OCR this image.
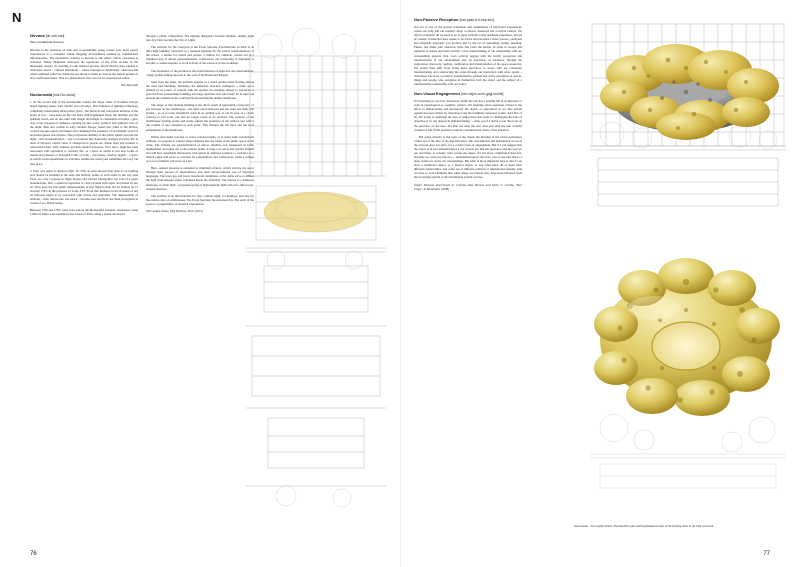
N
Nirvana [nir-vah-nuh]
(Non-Conflictual Arenas)

Nirvana is the sensation of time and re-sponsibility being erased, now most purely experienced as a consumer within shopping environments enabled by sophisticated infrastructures. The experience contrary to nirvana is one where critical awareness is activated. Walter Benjamin destroyed the operations of the Paris arcades in the nineteenth century by equating it with induced nirvana. David Harvey then equated it with these places – cultural institutions – where nostalgia is deliberately cultivated and where sanitised collective memories are meant to make us doze in the eternal present of non-conflictual arenas. This is a phenomenon that can now be experienced online.

Ben Reynolds
Nocturnalia [nok-t'ûr-nal-ia]

1. In the second half of the seventeenth century the major cities of Northern Europe began lighting streets with candles and oil lamps. This irruption of lighting technology completely transformed urban public space. The physical and conceptual universe of the hours of rest – associated on the one hand with fragmented sleep, the intimate and the spiritual world, and on the other with danger and illegal or clandestine activities – gave way to the conquest of darkness, opening up new social, political and symbolic uses of the night. Men and women in early modern Europe found new paths to the Divine, created baroque operas and theatre and challenged the existence of an invisible world of nocturnal ghosts and witches. This progressive shifting of the public sphere towards the night – this nocturnalisation – was a revolution that drastically changed everyday life in most of Europe's capital cities. It changed how people ate, drank, slept and worked; it restructured their daily routines and their mental universes. Ever since, night has been associated with opposition to ordinary life, as a space in which to test new forms of leisure and pleasure or abnormal forms of work – precarious, creative, urgent – a space in which social experiments or activities outside the norm (and sometimes the law) can take place.

2. Paris was quick to embrace light. In 1558, an edict decreed that resin or tar lighting pots should be installed at the ends and halfway points of each street in the city. And Paris, too, was a pioneer in flight. Robert and Charles Montgolfier, the sons of a paper manufacturer, flew a spherical apparatus of cloth covered with paper and driven by hot air. They gave the first public demonstration of free flight in their hot air balloon on 15 October 1783, in the presence of Louis XVI. From that moment on the flotation of hot air balloons began to be associated with events and festivities. The displacement of balloons – their release into free space – became pure spectacle, the main protagonist in events of an official nature.

Between 1769 and 1783, some years before the Montgolfier brothers' adventures, some 1,600 oil lamps were installed in the streets of Paris, using a patent developed

through a public competition. The lighting disrupted circadian rhythms, turning night into day. Paris became the City of Light.

The pavilion for the courtyard at the École Spéciale d'Architecture in Paris is an infra-light building conceived as a pleasure machine for the festive transformations of the school, a shelter for events and parties, a vehicle for catharsis, carried out in a ritualised way. It allows personalisations, conferences, the comforting of diplomas, to become a counter-monitor to work in front of the screen or in the workshop.

The experience of the pavilion is the transformation of night into day entertainment: a huge golden balloon moored to the wall of the Boulevard Raspail.

Seen from the street, the pavilion appears as a weird golden dome floating among the trees and buildings. Internally, the inflatable structure configures a white space defined by its points of contrast with the ground, its openings related to entrances: it goes from the surrounding buildings and large apertures that selectively let in light and prevent the columns in the courtyard from touching the double membrane.

The shape of this floating building is the direct result of generating a buoyancy of gas between its two membranes – the inner one translucent and the outer one shiny and golden – so as to resist transmittal water in an optimal way. It can be seen as a cloud: contrary to full scale, one that no longer needs to be inverted. The position of the membranes' binding points and seams adjusts the geometry of the balloon and with it the volume of gas contained at each point. This changes the lift force and the local deformation of the membrane.

Rather than build concrete or water counterweights, as is usual with conventional balloons, we propose to connect these elements into the assets of the public space of the dome. The ballasts are transformations of indoor furniture, but transposed in scale, manipulated and taken out of the private realm. A large red velvet and golden Turkish bed will host roundtable discussions with guests in different positions; a variation on a church pulpit will serve as a lectern for presentations and conferences, while a collage of rococo furniture will serve as a bar.

Here, sensual pleasure is entrusted to maximum objects, which activate the space through their sprouts of interrelations and their unconventional use of historical languages. The inner gas and lower translucent membrane of the dome serve to diffuse the light from halogen lamps contained inside the inflatable. The interior is a luminous landscape of white light: a perpetual spring of high-intensity light with soft, almost non-existent shadows.

The pavilion is an infrastructure for days without night, for holidays, and also for the endless days of submissions. The École Spéciale: the perpetual day. The artist of the space is a programmer of sensorial experiences.

The Golden Dome, ESA Pavilion, Paris (2011)

76
Non-Passive Reception [non pass-iv ri-sep-shn]

Our era is one of the greater realisation and assimilation of fabricated experiences, where our body and our intellect adopt a relaxed, distanced and a-critical posture. We effort is required: all we need to do is agree with the totally sterilised experience, devoid of content. Production then ceases to be active and becomes a more passive, paralysed and solipsistic approach: you produce just by the act of consuming, seeing, listening. Please, just make your selection, relax and press the button. In order to escape this asphyxia of senses and brain activity, a new understanding of our relationship with our surroundings appears vital. Let's actively engage with the bodily perception and transformation of our environment and, by extension, of ourselves, through the exploration, discovery, reading, codification and transformation of the space around us. We would then shift from being mere spectators to actors who are constantly transformating and constructing the scene through our interaction with other agents – with those who have a positive, transformative, sensual and active perception of spaces, things and people, who recognise in themselves both the object and the subject of a transformative relationship with our world.

Non-Visual Engagement [non vizjoo-al en-gayj-muhnt]

It's interesting to see how discussion within the arts has a parallel life in architecture or even in neurological or cognitive science. I'm speaking about questions related to the effort to dematerialise and decolporify the object, or objecthood in art. The artistic agenda has been driven by objecthood and the fetishism connected to that. And first of all, I'm trying to challenge the idea of subjectivity that leads to challenging the idea of objecthood. So my interest in dematerialising ... came out of a desire to put the focus on the spectator, on the user, and then see what the user does and what the user actually consists of and if that potential could be considered the centre of the situation.

But going directly to the topic of the visual, the blurring of the visual dominance comes out of the idea of de-objectification. The conventional and institutional set up of the artwork does not allow for a certain types of engagement. But if I can suggest that the object is in fact dematerialised, I can at least say that the spectator, and the way we see and listen, is actually what creates the object. It's not more complicated than that. Actually we could say this is a ... phenomenological attractors, also to the idea that to a large extent we create our surroundings. But what is more important here is that if you have a traditional object, or a blurred object, or any other kind, all of them have different relationships, and come out of different political or institutional systems. And we have to avoid thinking that when things are blurred they have been liberated from the governing system or the institutional system of rules.

Ólafur Elíasson interviewed by Cristina Díaz Moreno and Efrén G' Grinda, 'Your Utopy', in Breathable (2008)

Nocturnalia – The Golden Dome, ESA Pavilion, plan and longitudinal section of the floating dome in the ESA courtyard
77
